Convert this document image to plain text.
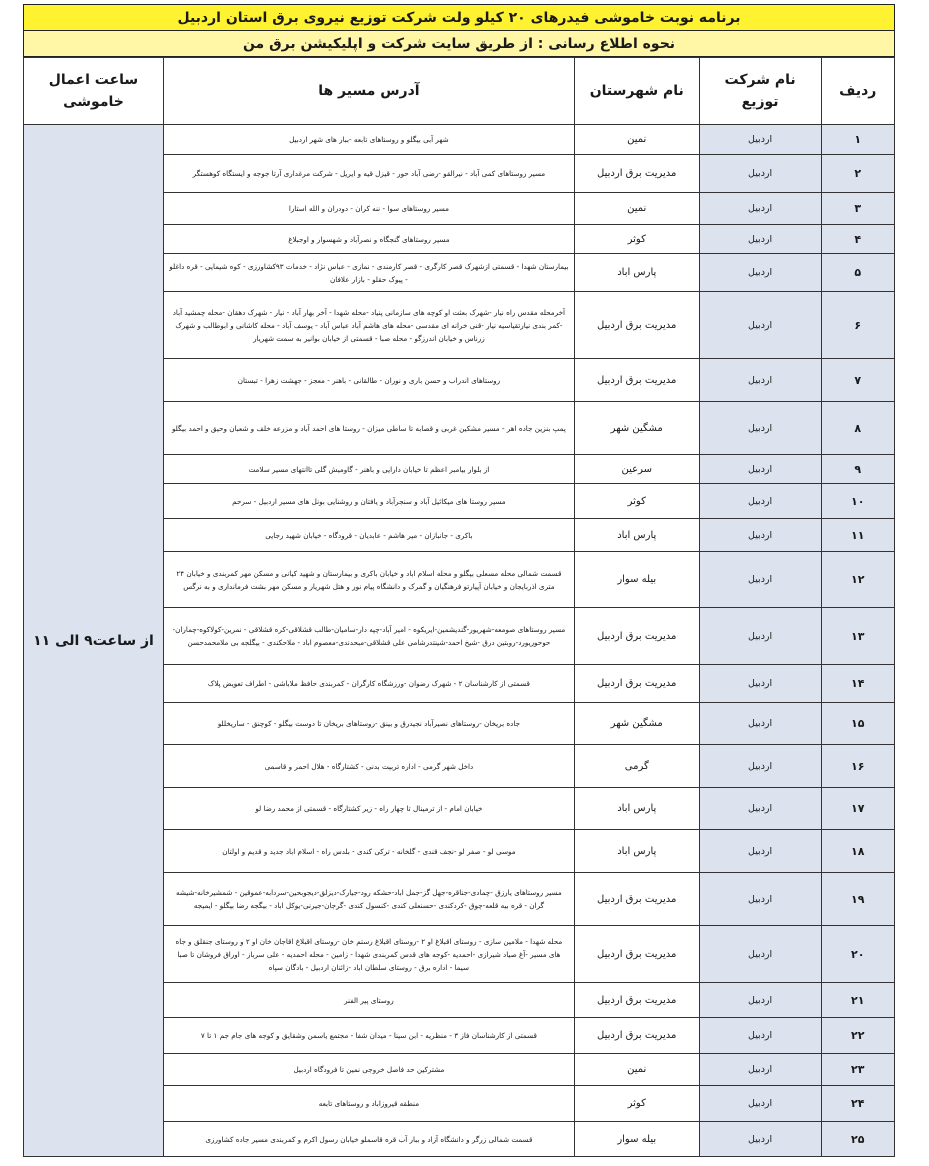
برنامه نوبت خاموشی فیدرهای ۲۰ کیلو ولت شرکت توزیع نیروی برق استان اردبیل
نحوه اطلاع رسانی : از طریق سایت شرکت و اپلیکیشن برق من
ردیف	نام شرکت توزیع	نام شهرستان	آدرس مسیر ها	ساعت اعمال خاموشی
۱	اردبیل	نمین	شهر آبی بیگلو و روستاهای تابعه -ببار های شهر اردبیل	از ساعت۹ الی ۱۱
۲	اردبیل	مدیریت برق اردبیل	مسیر روستاهای کمی آباد - نیرالقو -رضی آباد حور - قیزل قیه و ایریل - شرکت مرغداری آرتا جوجه و ایستگاه کوهستگر	
۳	اردبیل	نمین	مسیر روستاهای سوا - ننه کران - دودران و الله استارا	
۴	اردبیل	کوثر	مسیر روستاهای گنجگاه و نصرآباد و شهسوار و اوجبلاغ	
۵	اردبیل	پارس اباد	بیمارستان شهدا - قسمتی ازشهرک قصر کارگری - قصر کارمندی - نمازی - عباس نژاد - خدمات ۹۳کشاورزی - کوه شیمایی - قره داغلو - پیوک حقلو - بازار علافان	
۶	اردبیل	مدیریت برق اردبیل	آخرمحله مقدس راه نیار -شهرک بعثت او کوچه های سازمانی پنیاد -محله شهدا - آخر بهار آباد - نیار - شهرک دهقان -محله چمشید آباد -کمر بندی نیارتقیاسیه نیار -قنی خرانه ای مقدسی -محله های هاشم آباد عباس آباد - یوسف آباد - محله کاشانی و ابوطالب و شهرک زرناس و خیابان اندرزگو - محله صبا - قسمتی از خیابان بوانیر به سمت شهریار	
۷	اردبیل	مدیریت برق اردبیل	روستاهای اندراب و حسن باری و نوران - طالقانی - باهنر - معجز - جهشت زهرا - تبستان	
۸	اردبیل	مشگین شهر	پمپ بنزین جاده اهر - مسیر مشکین غربی و قصابه تا ساطی میزان - روستا های احمد آباد و مزرعه خلف و شعبان وحیق و احمد بیگلو	
۹	اردبیل	سرعین	از بلوار بیامبر اعظم تا خیابان دارایی و باهنر - گاومیش گلی تاانتهای مسیر سلامت	
۱۰	اردبیل	کوثر	مسیر روستا های میکائیل آباد و سنجرآباد و یافتان و روشنایی بونل های مسیر اردبیل - سرحم	
۱۱	اردبیل	پارس اباد	باکری - جانبازان - میر هاشم - عابدیان - قرودگاه - خیابان شهید رجایی	
۱۲	اردبیل	بیله سوار	قسمت شمالی محله مسعلی بیگلو و محله اسلام اباد و خیابان باکری و بیمارستان و شهید کیانی و مسکن مهر کمربندی و خیابان ۲۴ متری اذربایجان و خیابان آپیارتو فرهنگیان و گمرک و دانشگاه پیام نور و هتل شهریار و مسکن مهر بشت فرمانداری و به نرگس	
۱۳	اردبیل	مدیریت برق اردبیل	مسیر روستاهای صومعه-شهریور-گندیشمین-ایریکوه - امیر آباد-چپه دار-سامیان-طالب قشلاقی-کره قشلاقی - نمرین-کولاکوه-چماران-حوحوریورد-روبتین درق -شیخ احمد-شینتدرشامی علی قشلاقی-مبحدندی-معصوم اباد - ملاحکندی - بیگلجه بی ملامحمدحسن	
۱۴	اردبیل	مدیریت برق اردبیل	قسمتی از کارشناسان ۲ - شهرک رضوان -ورزشگاه کارگران - کمربندی حافظ ملاباشی - اطراف تعویض پلاک	
۱۵	اردبیل	مشگین شهر	جاده بریخان -روستاهای نصیرآباد نجیدرق و بینق -روستاهای بریخان تا دوست بیگلو - کوچنق - ساریخللو	
۱۶	اردبیل	گرمی	داخل شهر گرمی - اداره تربیت بدنی - کشتارگاه - هلال احمر و قاسمی	
۱۷	اردبیل	پارس اباد	خیابان امام - از ترمینال تا چهار راه - زیر کشتارگاه - قسمتی از محمد رضا لو	
۱۸	اردبیل	پارس اباد	موسی لو - صفر لو -نجف قندی - گلخانه - ترکی کندی - بلدس راه - اسلام اباد جدید و قدیم و اولتان	
۱۹	اردبیل	مدیریت برق اردبیل	مسیر روستاهای یارزق -چمادی-جناقره-جهل گز-جمل اباد-حشکه رود-جیارک-دیزلق-دیجوبحین-سردابه-عموقین - شمشیرخانه-شیشه گران - قره بیه قلعه-چوق -کردکندی -حسنعلی کندی -کنسول کندی -گرجان-جیرنی-یوکل اباد - بیگجه رضا بیگلو - ایمیجه	
۲۰	اردبیل	مدیریت برق اردبیل	محله شهدا - ملامین سازی - روستای اقبلاغ او ۲ -روستای اقبلاغ رستم خان -روستای اقبلاغ اقاجان خان او ۲ و روستای جنقلق و جاه های مسیر -آغ صیاد شیرازی -احمدیه -کوجه های قدس کمربندی شهدا - زامین - محله احمدیه - علی سرباز - اوراق فروشان تا صبا سیما - اداره برق - روستای سلطان اباد -زائنان اردبیل - بادگان سپاه	
۲۱	اردبیل	مدیریت برق اردبیل	روستای پیر الفنر	
۲۲	اردبیل	مدیریت برق اردبیل	قسمتی از کارشناسان فاز ۳ - منظریه - ابن سینا - میدان شفا - مجتمع یاسمن وشقایق و کوجه های جام جم ۱ تا ۷	
۲۳	اردبیل	نمین	مشترکین حد فاصل خروجی نمین تا فرودگاه اردبیل	
۲۴	اردبیل	کوثر	منطقه قیروزاباد و روستاهای تابعه	
۲۵	اردبیل	بیله سوار	قسمت شمالی زرگر و دانشگاه آزاد و ببار آب قره قاسملو خیابان رسول اکرم و کمربندی مسیر جاده کشاورزی	
